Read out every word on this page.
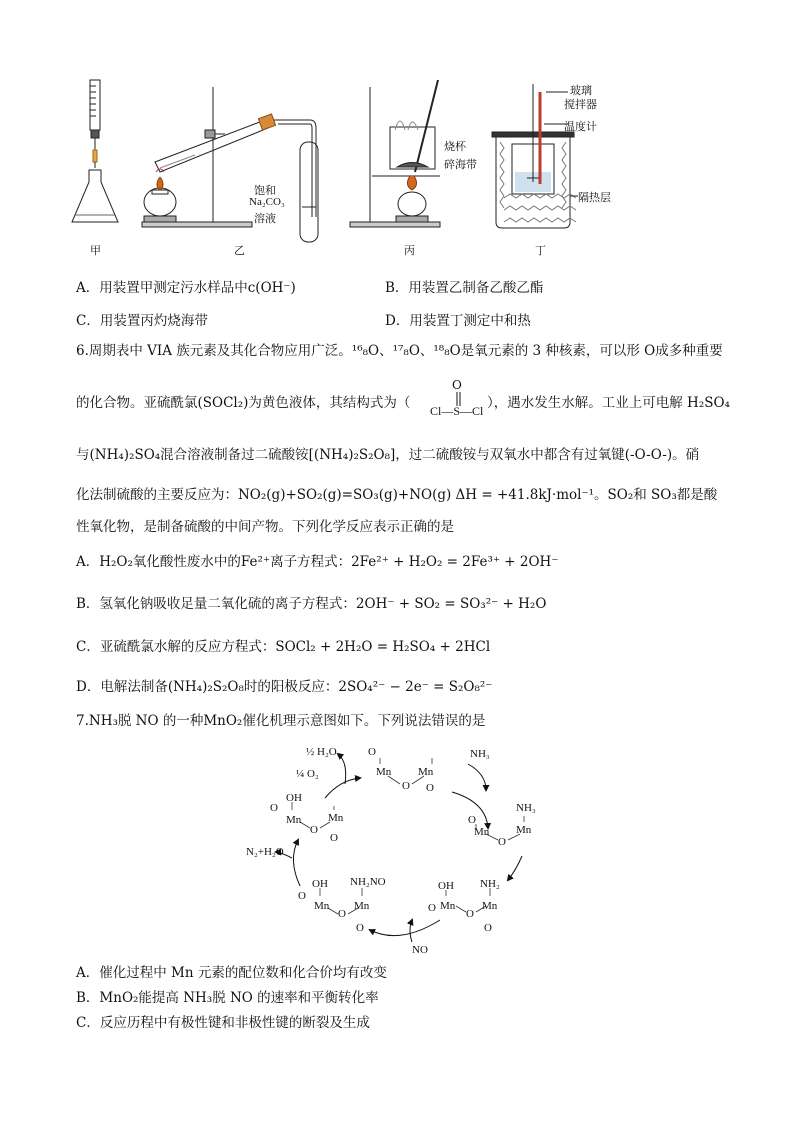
饱和
Na₂CO₃
溶液
烧杯
碎海带
玻璃
搅拌器
温度计
隔热层
甲	乙	丙	丁
A．用装置甲测定污水样品中c(OH⁻)	B．用装置乙制备乙酸乙酯
C．用装置丙灼烧海带	D．用装置丁测定中和热
6.周期表中 VIA 族元素及其化合物应用广泛。¹⁶₈O、¹⁷₈O、¹⁸₈O是氧元素的 3 种核素，可以形 O成多种重要
的化合物。亚硫酰氯(SOCl₂)为黄色液体，其结构式为（
O
Cl—S—Cl ），遇水发生水解。工业上可电解 H₂SO₄
与(NH₄)₂SO₄混合溶液制备过二硫酸铵[(NH₄)₂S₂O₈]，过二硫酸铵与双氧水中都含有过氧键(-O-O-)。硝
化法制硫酸的主要反应为：NO₂(g)+SO₂(g)=SO₃(g)+NO(g) ΔH = +41.8kJ·mol⁻¹。SO₂和 SO₃都是酸
性氧化物，是制备硫酸的中间产物。下列化学反应表示正确的是
A．H₂O₂氧化酸性废水中的Fe²⁺离子方程式：2Fe²⁺ + H₂O₂ = 2Fe³⁺ + 2OH⁻
B．氢氧化钠吸收足量二氧化硫的离子方程式：2OH⁻ + SO₂ = SO₃²⁻ + H₂O
C．亚硫酰氯水解的反应方程式：SOCl₂ + 2H₂O = H₂SO₄ + 2HCl
D．电解法制备(NH₄)₂S₂O₈时的阳极反应：2SO₄²⁻ − 2e⁻ = S₂O₈²⁻
7.NH₃脱 NO 的一种MnO₂催化机理示意图如下。下列说法错误的是
½ H₂O
¼ O₂
NH₃
NO
N₂+H₂O
O
Mn
O
Mn
O
NH₃
O
Mn
O
Mn
OH NH₂
O Mn
O
Mn
O
OH NH₂NO
O
Mn
O
Mn
O
OH
O
Mn
O
Mn
O
A．催化过程中 Mn 元素的配位数和化合价均有改变
B．MnO₂能提高 NH₃脱 NO 的速率和平衡转化率
C．反应历程中有极性键和非极性键的断裂及生成
